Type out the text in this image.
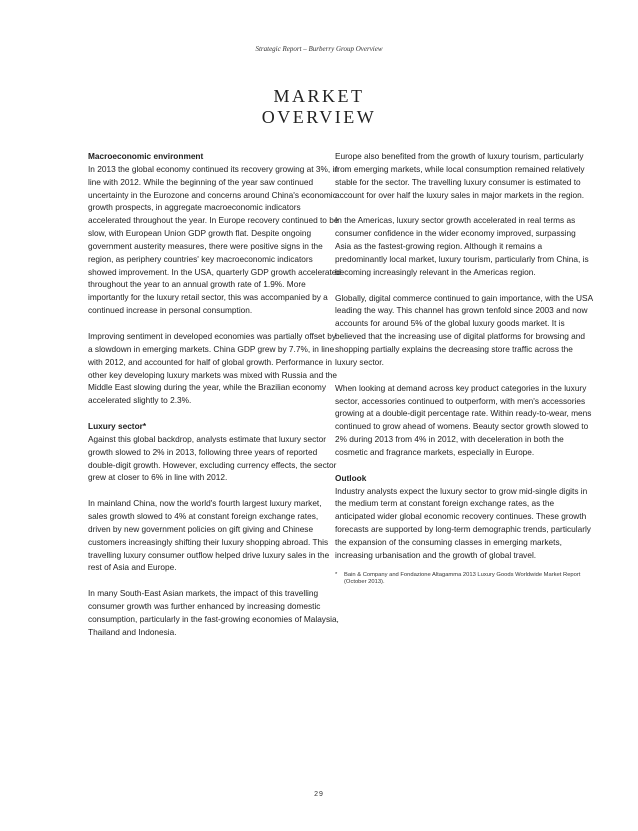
Strategic Report – Burberry Group Overview
MARKET
OVERVIEW
Macroeconomic environment

In 2013 the global economy continued its recovery growing at 3%, in line with 2012. While the beginning of the year saw continued uncertainty in the Eurozone and concerns around China's economic growth prospects, in aggregate macroeconomic indicators accelerated throughout the year. In Europe recovery continued to be slow, with European Union GDP growth flat. Despite ongoing government austerity measures, there were positive signs in the region, as periphery countries' key macroeconomic indicators showed improvement. In the USA, quarterly GDP growth accelerated throughout the year to an annual growth rate of 1.9%. More importantly for the luxury retail sector, this was accompanied by a continued increase in personal consumption.

Improving sentiment in developed economies was partially offset by a slowdown in emerging markets. China GDP grew by 7.7%, in line with 2012, and accounted for half of global growth. Performance in other key developing luxury markets was mixed with Russia and the Middle East slowing during the year, while the Brazilian economy accelerated slightly to 2.3%.

Luxury sector*

Against this global backdrop, analysts estimate that luxury sector growth slowed to 2% in 2013, following three years of reported double-digit growth. However, excluding currency effects, the sector grew at closer to 6% in line with 2012.

In mainland China, now the world's fourth largest luxury market, sales growth slowed to 4% at constant foreign exchange rates, driven by new government policies on gift giving and Chinese customers increasingly shifting their luxury shopping abroad. This travelling luxury consumer outflow helped drive luxury sales in the rest of Asia and Europe.

In many South-East Asian markets, the impact of this travelling consumer growth was further enhanced by increasing domestic consumption, particularly in the fast-growing economies of Malaysia, Thailand and Indonesia.

Europe also benefited from the growth of luxury tourism, particularly from emerging markets, while local consumption remained relatively stable for the sector. The travelling luxury consumer is estimated to account for over half the luxury sales in major markets in the region.

In the Americas, luxury sector growth accelerated in real terms as consumer confidence in the wider economy improved, surpassing Asia as the fastest-growing region. Although it remains a predominantly local market, luxury tourism, particularly from China, is becoming increasingly relevant in the Americas region.

Globally, digital commerce continued to gain importance, with the USA leading the way. This channel has grown tenfold since 2003 and now accounts for around 5% of the global luxury goods market. It is believed that the increasing use of digital platforms for browsing and shopping partially explains the decreasing store traffic across the luxury sector.

When looking at demand across key product categories in the luxury sector, accessories continued to outperform, with men's accessories growing at a double-digit percentage rate. Within ready-to-wear, mens continued to grow ahead of womens. Beauty sector growth slowed to 2% during 2013 from 4% in 2012, with deceleration in both the cosmetic and fragrance markets, especially in Europe.

Outlook

Industry analysts expect the luxury sector to grow mid-single digits in the medium term at constant foreign exchange rates, as the anticipated wider global economic recovery continues. These growth forecasts are supported by long-term demographic trends, particularly the expansion of the consuming classes in emerging markets, increasing urbanisation and the growth of global travel.

*	Bain & Company and Fondazione Altagamma 2013 Luxury Goods Worldwide Market Report (October 2013).
29
